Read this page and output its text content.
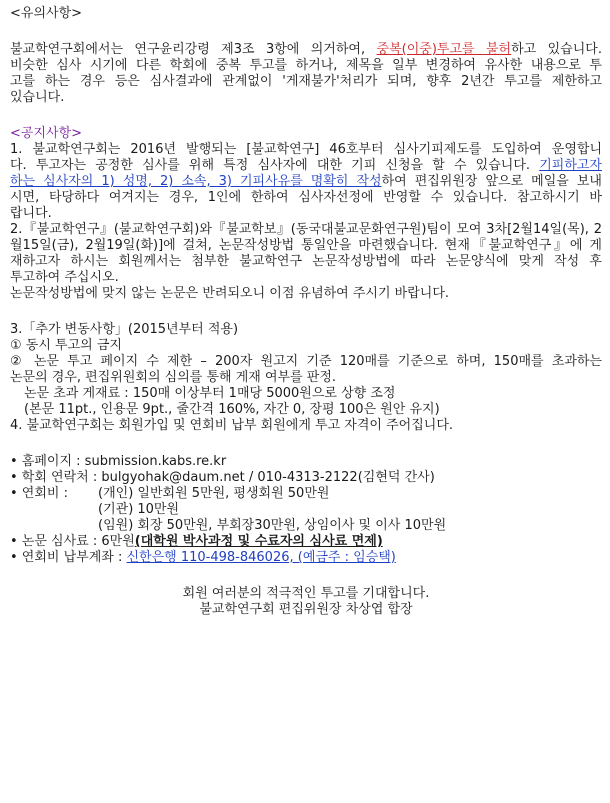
<유의사항>
불교학연구회에서는 연구윤리강령 제3조 3항에 의거하여, 중복(이중)투고를 불허하고 있습니다.
비슷한 심사 시기에 다른 학회에 중복 투고를 하거나, 제목을 일부 변경하여 유사한 내용으로 투
고를 하는 경우 등은 심사결과에 관계없이 '게재불가'처리가 되며, 향후 2년간 투고를 제한하고
있습니다.
<공지사항>
1. 불교학연구회는 2016년 발행되는 [불교학연구] 46호부터 심사기피제도를 도입하여 운영합니
다. 투고자는 공정한 심사를 위해 특정 심사자에 대한 기피 신청을 할 수 있습니다. 기피하고자
하는 심사자의 1) 성명, 2) 소속, 3) 기피사유를 명확히 작성하여 편집위원장 앞으로 메일을 보내
시면, 타당하다 여겨지는 경우, 1인에 한하여 심사자선정에 반영할 수 있습니다. 참고하시기 바
랍니다.
2.『불교학연구』(불교학연구회)와『불교학보』(동국대불교문화연구원)팀이 모여 3차[2월14일(목), 2
월15일(금), 2월19일(화)]에 걸쳐, 논문작성방법 통일안을 마련했습니다. 현재『불교학연구』에 게
재하고자 하시는 회원께서는 첨부한 불교학연구 논문작성방법에 따라 논문양식에 맞게 작성 후
투고하여 주십시오.
논문작성방법에 맞지 않는 논문은 반려되오니 이점 유념하여 주시기 바랍니다.
3.「추가 변동사항」(2015년부터 적용)
① 동시 투고의 금지
② 논문 투고 페이지 수 제한 – 200자 원고지 기준 120매를 기준으로 하며, 150매를 초과하는
논문의 경우, 편집위원회의 심의를 통해 게재 여부를 판정.
논문 초과 게재료 : 150매 이상부터 1매당 5000원으로 상향 조정
(본문 11pt., 인용문 9pt., 줄간격 160%, 자간 0, 장평 100은 원안 유지)
4. 불교학연구회는 회원가입 및 연회비 납부 회원에게 투고 자격이 주어집니다.
• 홈페이지 : submission.kabs.re.kr
• 학회 연락처 : bulgyohak@daum.net / 010-4313-2122(김현덕 간사)
• 연회비 :	(개인) 일반회원 5만원, 평생회원 50만원
(기관) 10만원
(임원) 회장 50만원, 부회장30만원, 상임이사 및 이사 10만원
• 논문 심사료 : 6만원(대학원 박사과정 및 수료자의 심사료 면제)
• 연회비 납부계좌 : 신한은행 110-498-846026, (예금주 : 임승택)
회원 여러분의 적극적인 투고를 기대합니다.
불교학연구회 편집위원장 차상엽 합장
